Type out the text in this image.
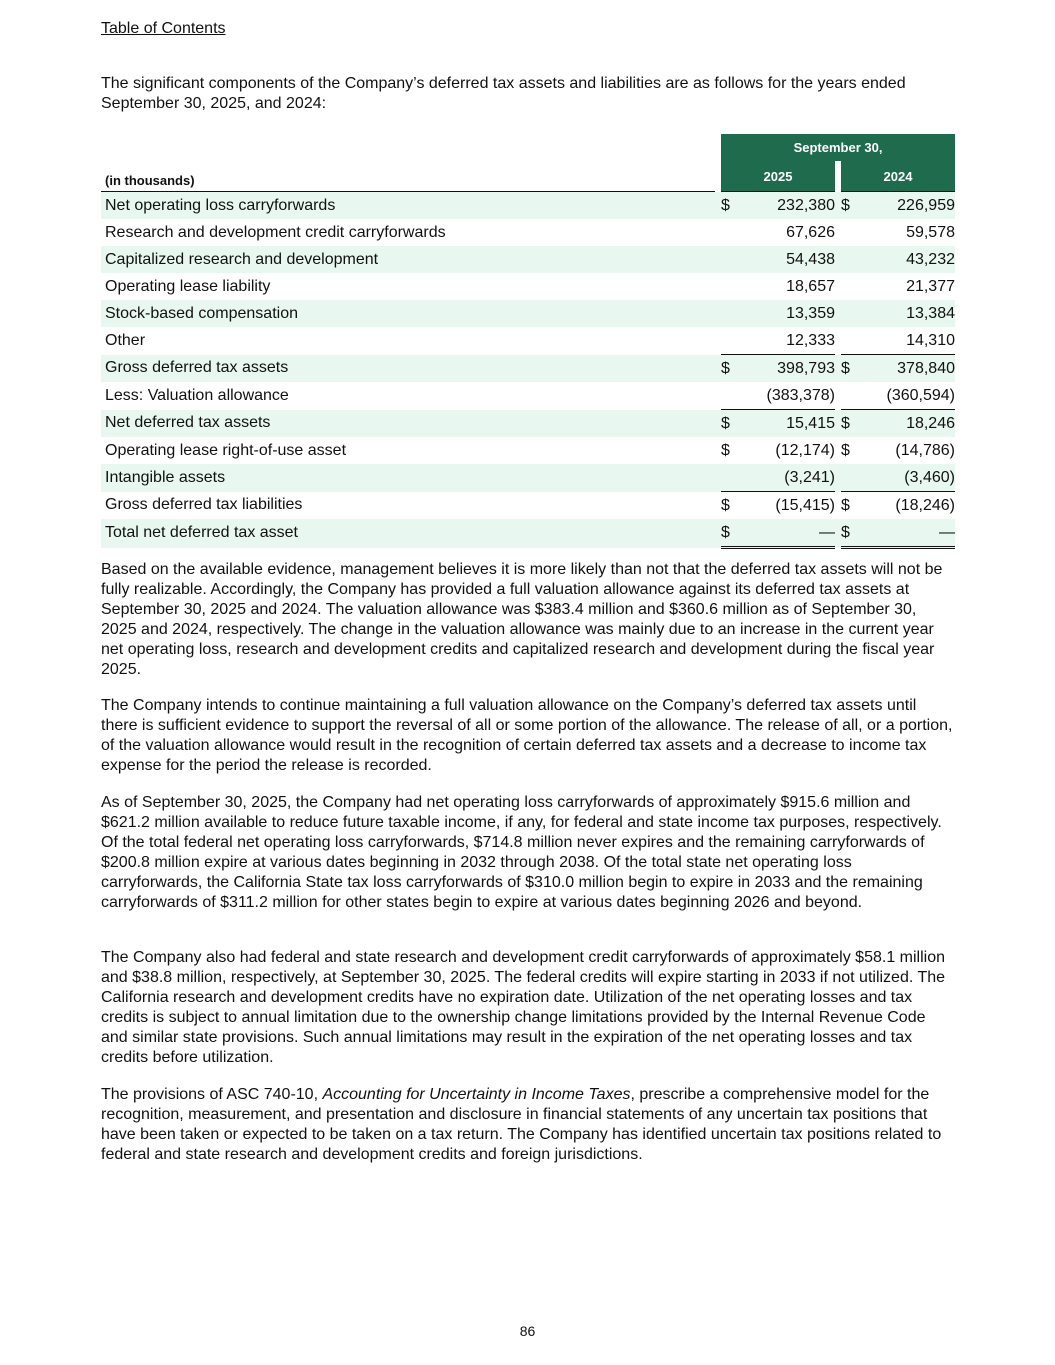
Table of Contents

The significant components of the Company’s deferred tax assets and liabilities are as follows for the years ended September 30, 2025, and 2024:

		September 30,				
(in thousands)		2025			2024	
Net operating loss carryforwards		$	232,380		$	226,959
Research and development credit carryforwards			67,626			59,578
Capitalized research and development			54,438			43,232
Operating lease liability			18,657			21,377
Stock-based compensation			13,359			13,384
Other			12,333			14,310
Gross deferred tax assets		$	398,793		$	378,840
Less: Valuation allowance			(383,378)			(360,594)
Net deferred tax assets		$	15,415		$	18,246
Operating lease right-of-use asset		$	(12,174)		$	(14,786)
Intangible assets			(3,241)			(3,460)
Gross deferred tax liabilities		$	(15,415)		$	(18,246)
Total net deferred tax asset		$	—		$	—

Based on the available evidence, management believes it is more likely than not that the deferred tax assets will not be fully realizable. Accordingly, the Company has provided a full valuation allowance against its deferred tax assets at September 30, 2025 and 2024. The valuation allowance was $383.4 million and $360.6 million as of September 30, 2025 and 2024, respectively. The change in the valuation allowance was mainly due to an increase in the current year net operating loss, research and development credits and capitalized research and development during the fiscal year 2025.

The Company intends to continue maintaining a full valuation allowance on the Company’s deferred tax assets until there is sufficient evidence to support the reversal of all or some portion of the allowance. The release of all, or a portion, of the valuation allowance would result in the recognition of certain deferred tax assets and a decrease to income tax expense for the period the release is recorded.

As of September 30, 2025, the Company had net operating loss carryforwards of approximately $915.6 million and $621.2 million available to reduce future taxable income, if any, for federal and state income tax purposes, respectively. Of the total federal net operating loss carryforwards, $714.8 million never expires and the remaining carryforwards of $200.8 million expire at various dates beginning in 2032 through 2038. Of the total state net operating loss carryforwards, the California State tax loss carryforwards of $310.0 million begin to expire in 2033 and the remaining carryforwards of $311.2 million for other states begin to expire at various dates beginning 2026 and beyond.

The Company also had federal and state research and development credit carryforwards of approximately $58.1 million and $38.8 million, respectively, at September 30, 2025. The federal credits will expire starting in 2033 if not utilized. The California research and development credits have no expiration date. Utilization of the net operating losses and tax credits is subject to annual limitation due to the ownership change limitations provided by the Internal Revenue Code and similar state provisions. Such annual limitations may result in the expiration of the net operating losses and tax credits before utilization.

The provisions of ASC 740-10, Accounting for Uncertainty in Income Taxes, prescribe a comprehensive model for the recognition, measurement, and presentation and disclosure in financial statements of any uncertain tax positions that have been taken or expected to be taken on a tax return. The Company has identified uncertain tax positions related to federal and state research and development credits and foreign jurisdictions.

86
